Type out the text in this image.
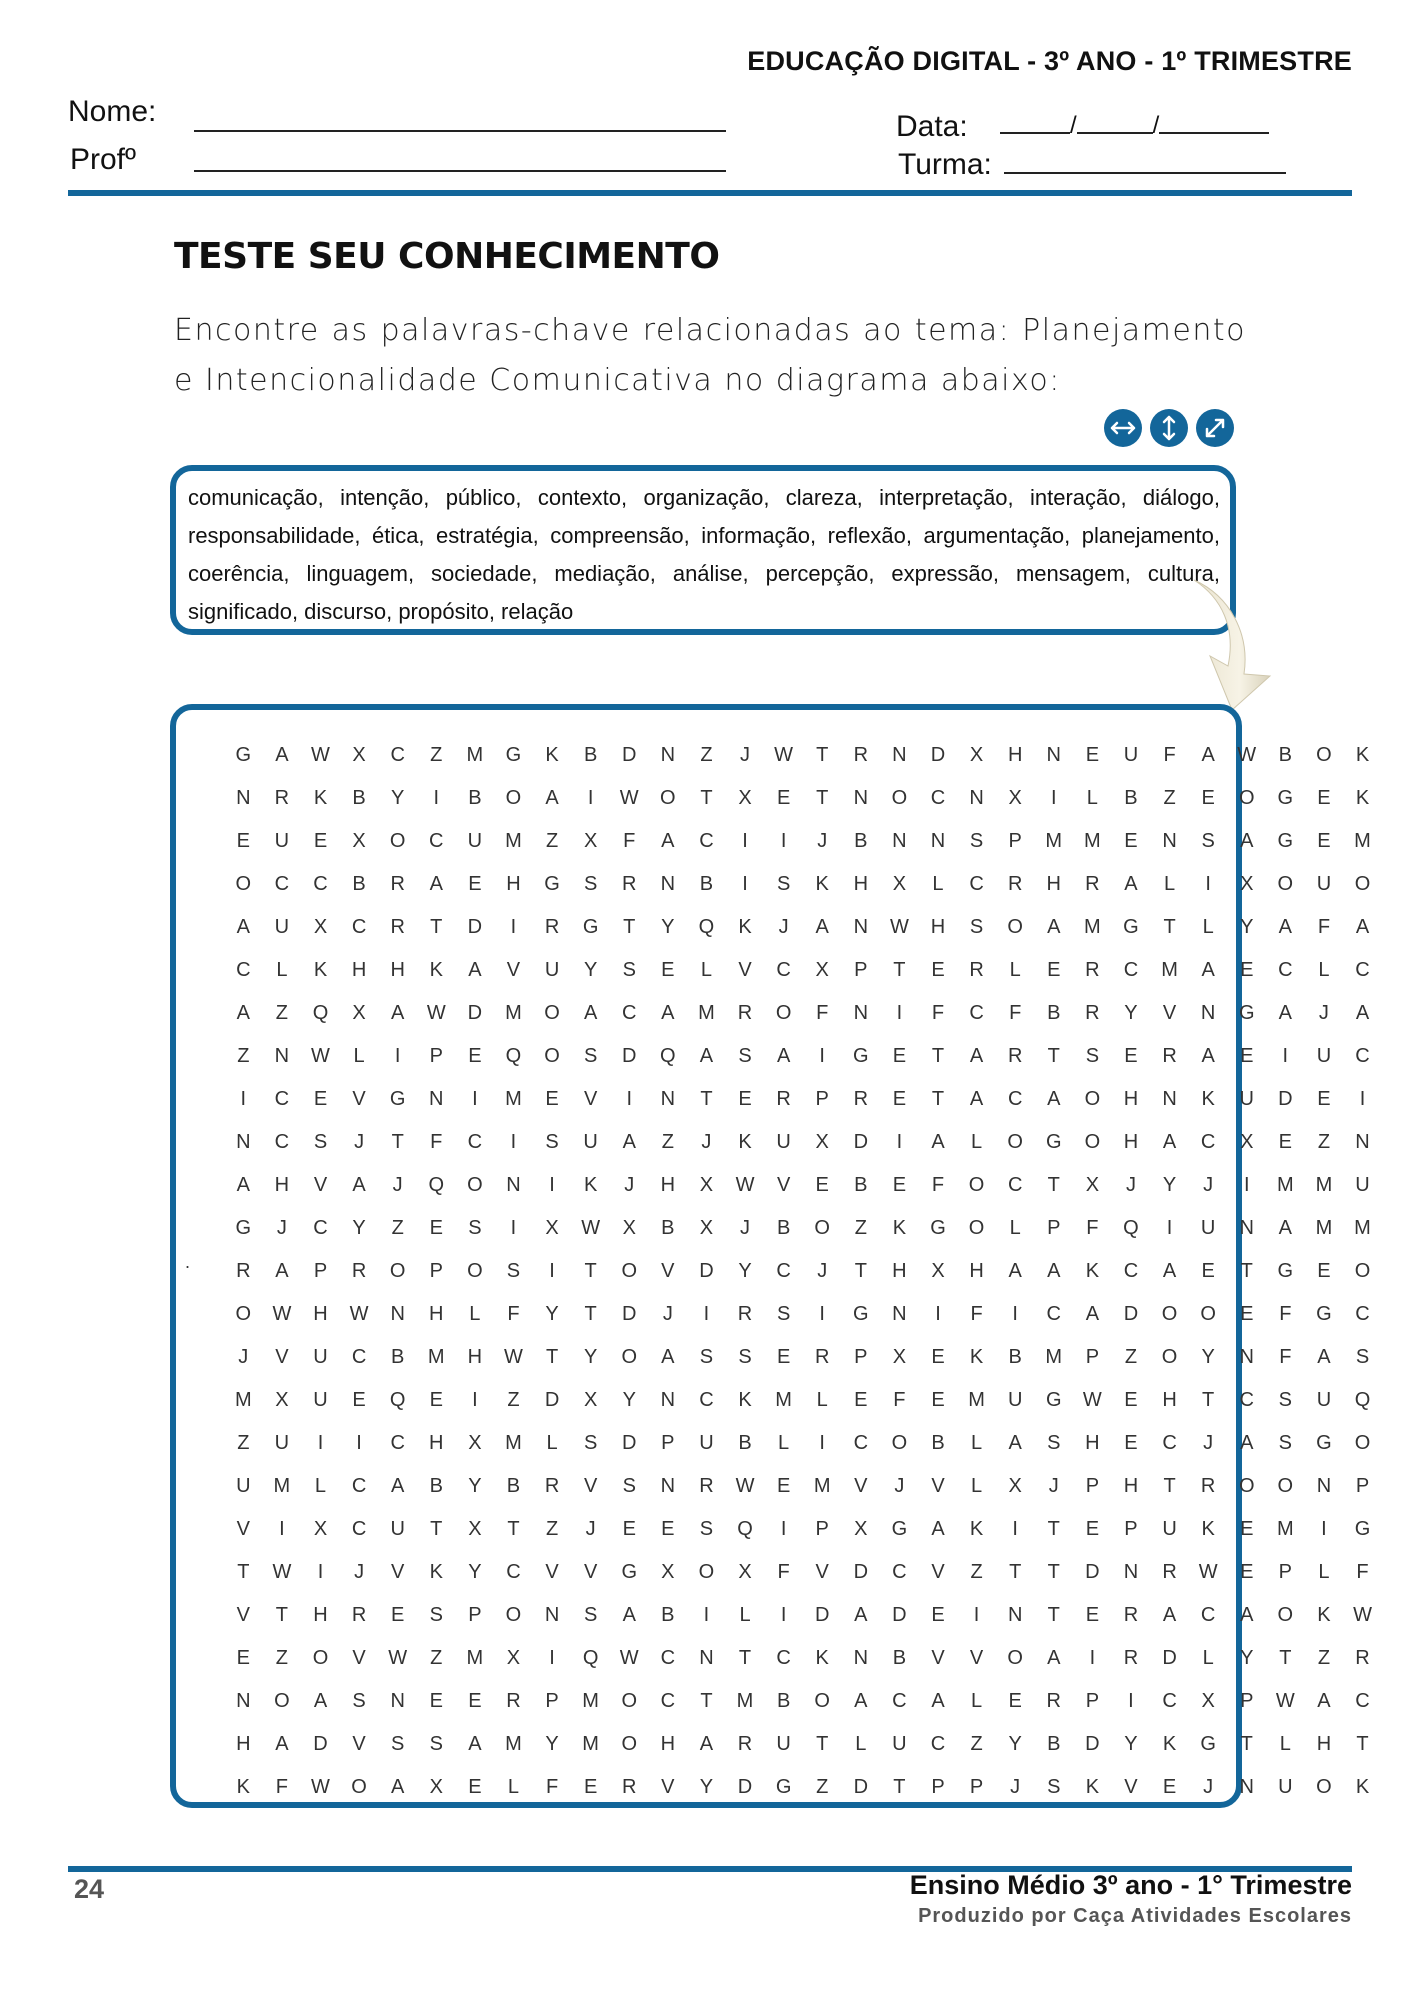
EDUCAÇÃO DIGITAL - 3º ANO - 1º TRIMESTRE
Nome:
Profº
Data:	/	/
Turma:
TESTE SEU CONHECIMENTO
Encontre as palavras-chave relacionadas ao tema: Planejamento e Intencionalidade Comunicativa no diagrama abaixo:
comunicação, intenção, público, contexto, organização, clareza, interpretação, interação, diálogo, responsabilidade, ética, estratégia, compreensão, informação, reflexão, argumentação, planejamento, coerência, linguagem, sociedade, mediação, análise, percepção, expressão, mensagem, cultura, significado, discurso, propósito, relação
G	A	W	X	C	Z	M	G	K	B	D	N	Z	J	W	T	R	N	D	X	H	N	E	U	F	A	W	B	O	K
N	R	K	B	Y	I	B	O	A	I	W	O	T	X	E	T	N	O	C	N	X	I	L	B	Z	E	O	G	E	K
E	U	E	X	O	C	U	M	Z	X	F	A	C	I	I	J	B	N	N	S	P	M	M	E	N	S	A	G	E	M
O	C	C	B	R	A	E	H	G	S	R	N	B	I	S	K	H	X	L	C	R	H	R	A	L	I	X	O	U	O
A	U	X	C	R	T	D	I	R	G	T	Y	Q	K	J	A	N	W	H	S	O	A	M	G	T	L	Y	A	F	A
C	L	K	H	H	K	A	V	U	Y	S	E	L	V	C	X	P	T	E	R	L	E	R	C	M	A	E	C	L	C
A	Z	Q	X	A	W	D	M	O	A	C	A	M	R	O	F	N	I	F	C	F	B	R	Y	V	N	G	A	J	A
Z	N	W	L	I	P	E	Q	O	S	D	Q	A	S	A	I	G	E	T	A	R	T	S	E	R	A	E	I	U	C
I	C	E	V	G	N	I	M	E	V	I	N	T	E	R	P	R	E	T	A	C	A	O	H	N	K	U	D	E	I
N	C	S	J	T	F	C	I	S	U	A	Z	J	K	U	X	D	I	A	L	O	G	O	H	A	C	X	E	Z	N
A	H	V	A	J	Q	O	N	I	K	J	H	X	W	V	E	B	E	F	O	C	T	X	J	Y	J	I	M	M	U
G	J	C	Y	Z	E	S	I	X	W	X	B	X	J	B	O	Z	K	G	O	L	P	F	Q	I	U	N	A	M	M
R	A	P	R	O	P	O	S	I	T	O	V	D	Y	C	J	T	H	X	H	A	A	K	C	A	E	T	G	E	O
O	W	H	W	N	H	L	F	Y	T	D	J	I	R	S	I	G	N	I	F	I	C	A	D	O	O	E	F	G	C
J	V	U	C	B	M	H	W	T	Y	O	A	S	S	E	R	P	X	E	K	B	M	P	Z	O	Y	N	F	A	S
M	X	U	E	Q	E	I	Z	D	X	Y	N	C	K	M	L	E	F	E	M	U	G	W	E	H	T	C	S	U	Q
Z	U	I	I	C	H	X	M	L	S	D	P	U	B	L	I	C	O	B	L	A	S	H	E	C	J	A	S	G	O
U	M	L	C	A	B	Y	B	R	V	S	N	R	W	E	M	V	J	V	L	X	J	P	H	T	R	O	O	N	P
V	I	X	C	U	T	X	T	Z	J	E	E	S	Q	I	P	X	G	A	K	I	T	E	P	U	K	E	M	I	G
T	W	I	J	V	K	Y	C	V	V	G	X	O	X	F	V	D	C	V	Z	T	T	D	N	R	W	E	P	L	F
V	T	H	R	E	S	P	O	N	S	A	B	I	L	I	D	A	D	E	I	N	T	E	R	A	C	A	O	K	W
E	Z	O	V	W	Z	M	X	I	Q	W	C	N	T	C	K	N	B	V	V	O	A	I	R	D	L	Y	T	Z	R
N	O	A	S	N	E	E	R	P	M	O	C	T	M	B	O	A	C	A	L	E	R	P	I	C	X	P	W	A	C
H	A	D	V	S	S	A	M	Y	M	O	H	A	R	U	T	L	U	C	Z	Y	B	D	Y	K	G	T	L	H	T
K	F	W	O	A	X	E	L	F	E	R	V	Y	D	G	Z	D	T	P	P	J	S	K	V	E	J	N	U	O	K
.
24	Ensino Médio 3º ano - 1° Trimestre
Produzido por Caça Atividades Escolares
